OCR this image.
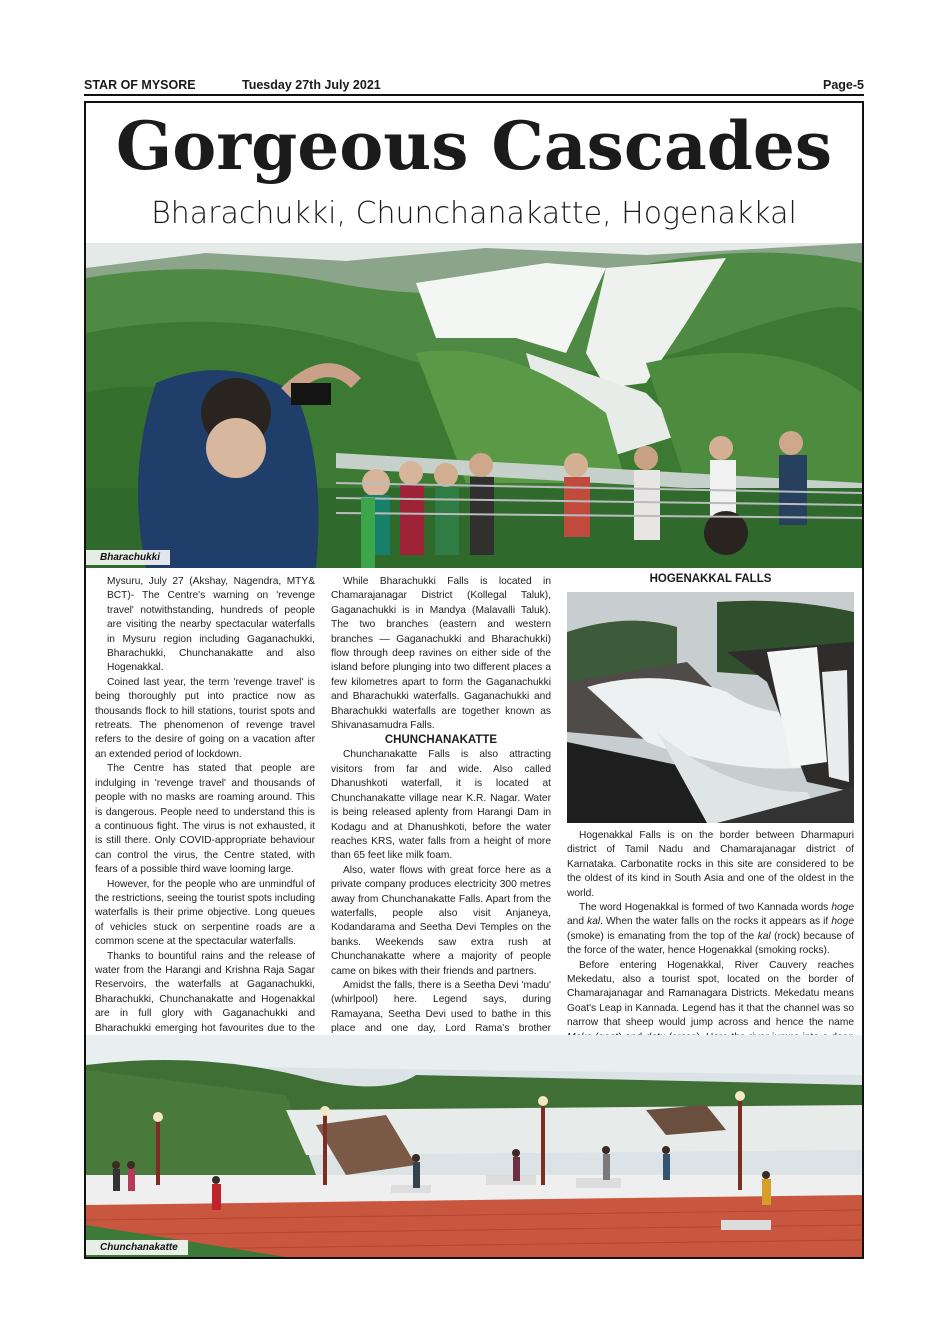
STAR OF MYSORE	Tuesday 27th July 2021	Page-5
Gorgeous Cascades
Bharachukki, Chunchanakatte, Hogenakkal
Bharachukki

Mysuru, July 27 (Akshay, Nagendra, MTY& BCT)- The Centre's warning on 'revenge travel' notwithstanding, hundreds of people are visiting the nearby spectacular waterfalls in Mysuru region including Gaganachukki, Bharachukki, Chunchanakatte and also Hogenakkal.

Coined last year, the term 'revenge travel' is being thoroughly put into practice now as thousands flock to hill stations, tourist spots and retreats. The phenomenon of revenge travel refers to the desire of going on a vacation after an extended period of lockdown.

The Centre has stated that people are indulging in 'revenge travel' and thousands of people with no masks are roaming around. This is dangerous. People need to understand this is a continuous fight. The virus is not exhausted, it is still there. Only COVID-appropriate behaviour can control the virus, the Centre stated, with fears of a possible third wave looming large.

However, for the people who are unmindful of the restrictions, seeing the tourist spots including waterfalls is their prime objective. Long queues of vehicles stuck on serpentine roads are a common scene at the spectacular waterfalls.

Thanks to bountiful rains and the release of water from the Harangi and Krishna Raja Sagar Reservoirs, the waterfalls at Gaganachukki, Bharachukki, Chunchanakatte and Hogenakkal are in full glory with Gaganachukki and Bharachukki emerging hot favourites due to the

While Bharachukki Falls is located in Chamarajanagar District (Kollegal Taluk), Gaganachukki is in Mandya (Malavalli Taluk). The two branches (eastern and western branches — Gaganachukki and Bharachukki) flow through deep ravines on either side of the island before plunging into two different places a few kilometres apart to form the Gaganachukki and Bharachukki waterfalls. Gaganachukki and Bharachukki waterfalls are together known as Shivanasamudra Falls.

CHUNCHANAKATTE

Chunchanakatte Falls is also attracting visitors from far and wide. Also called Dhanushkoti waterfall, it is located at Chunchanakatte village near K.R. Nagar. Water is being released aplenty from Harangi Dam in Kodagu and at Dhanushkoti, before the water reaches KRS, water falls from a height of more than 65 feet like milk foam.

Also, water flows with great force here as a private company produces electricity 300 metres away from Chunchanakatte Falls. Apart from the waterfalls, people also visit Anjaneya, Kodandarama and Seetha Devi Temples on the banks. Weekends saw extra rush at Chunchanakatte where a majority of people came on bikes with their friends and partners.

Amidst the falls, there is a Seetha Devi 'madu' (whirlpool) here. Legend says, during Ramayana, Seetha Devi used to bathe in this place and one day, Lord Rama's brother

HOGENAKKAL FALLS

Hogenakkal Falls is on the border between Dharmapuri district of Tamil Nadu and Chamarajanagar district of Karnataka. Carbonatite rocks in this site are considered to be the oldest of its kind in South Asia and one of the oldest in the world.

The word Hogenakkal is formed of two Kannada words hoge and kal. When the water falls on the rocks it appears as if hoge (smoke) is emanating from the top of the kal (rock) because of the force of the water, hence Hogenakkal (smoking rocks).

Before entering Hogenakkal, River Cauvery reaches Mekedatu, also a tourist spot, located on the border of Chamarajanagar and Ramanagara Districts. Mekedatu means Goat's Leap in Kannada. Legend has it that the channel was so narrow that sheep would jump across and hence the name

Chunchanakatte
